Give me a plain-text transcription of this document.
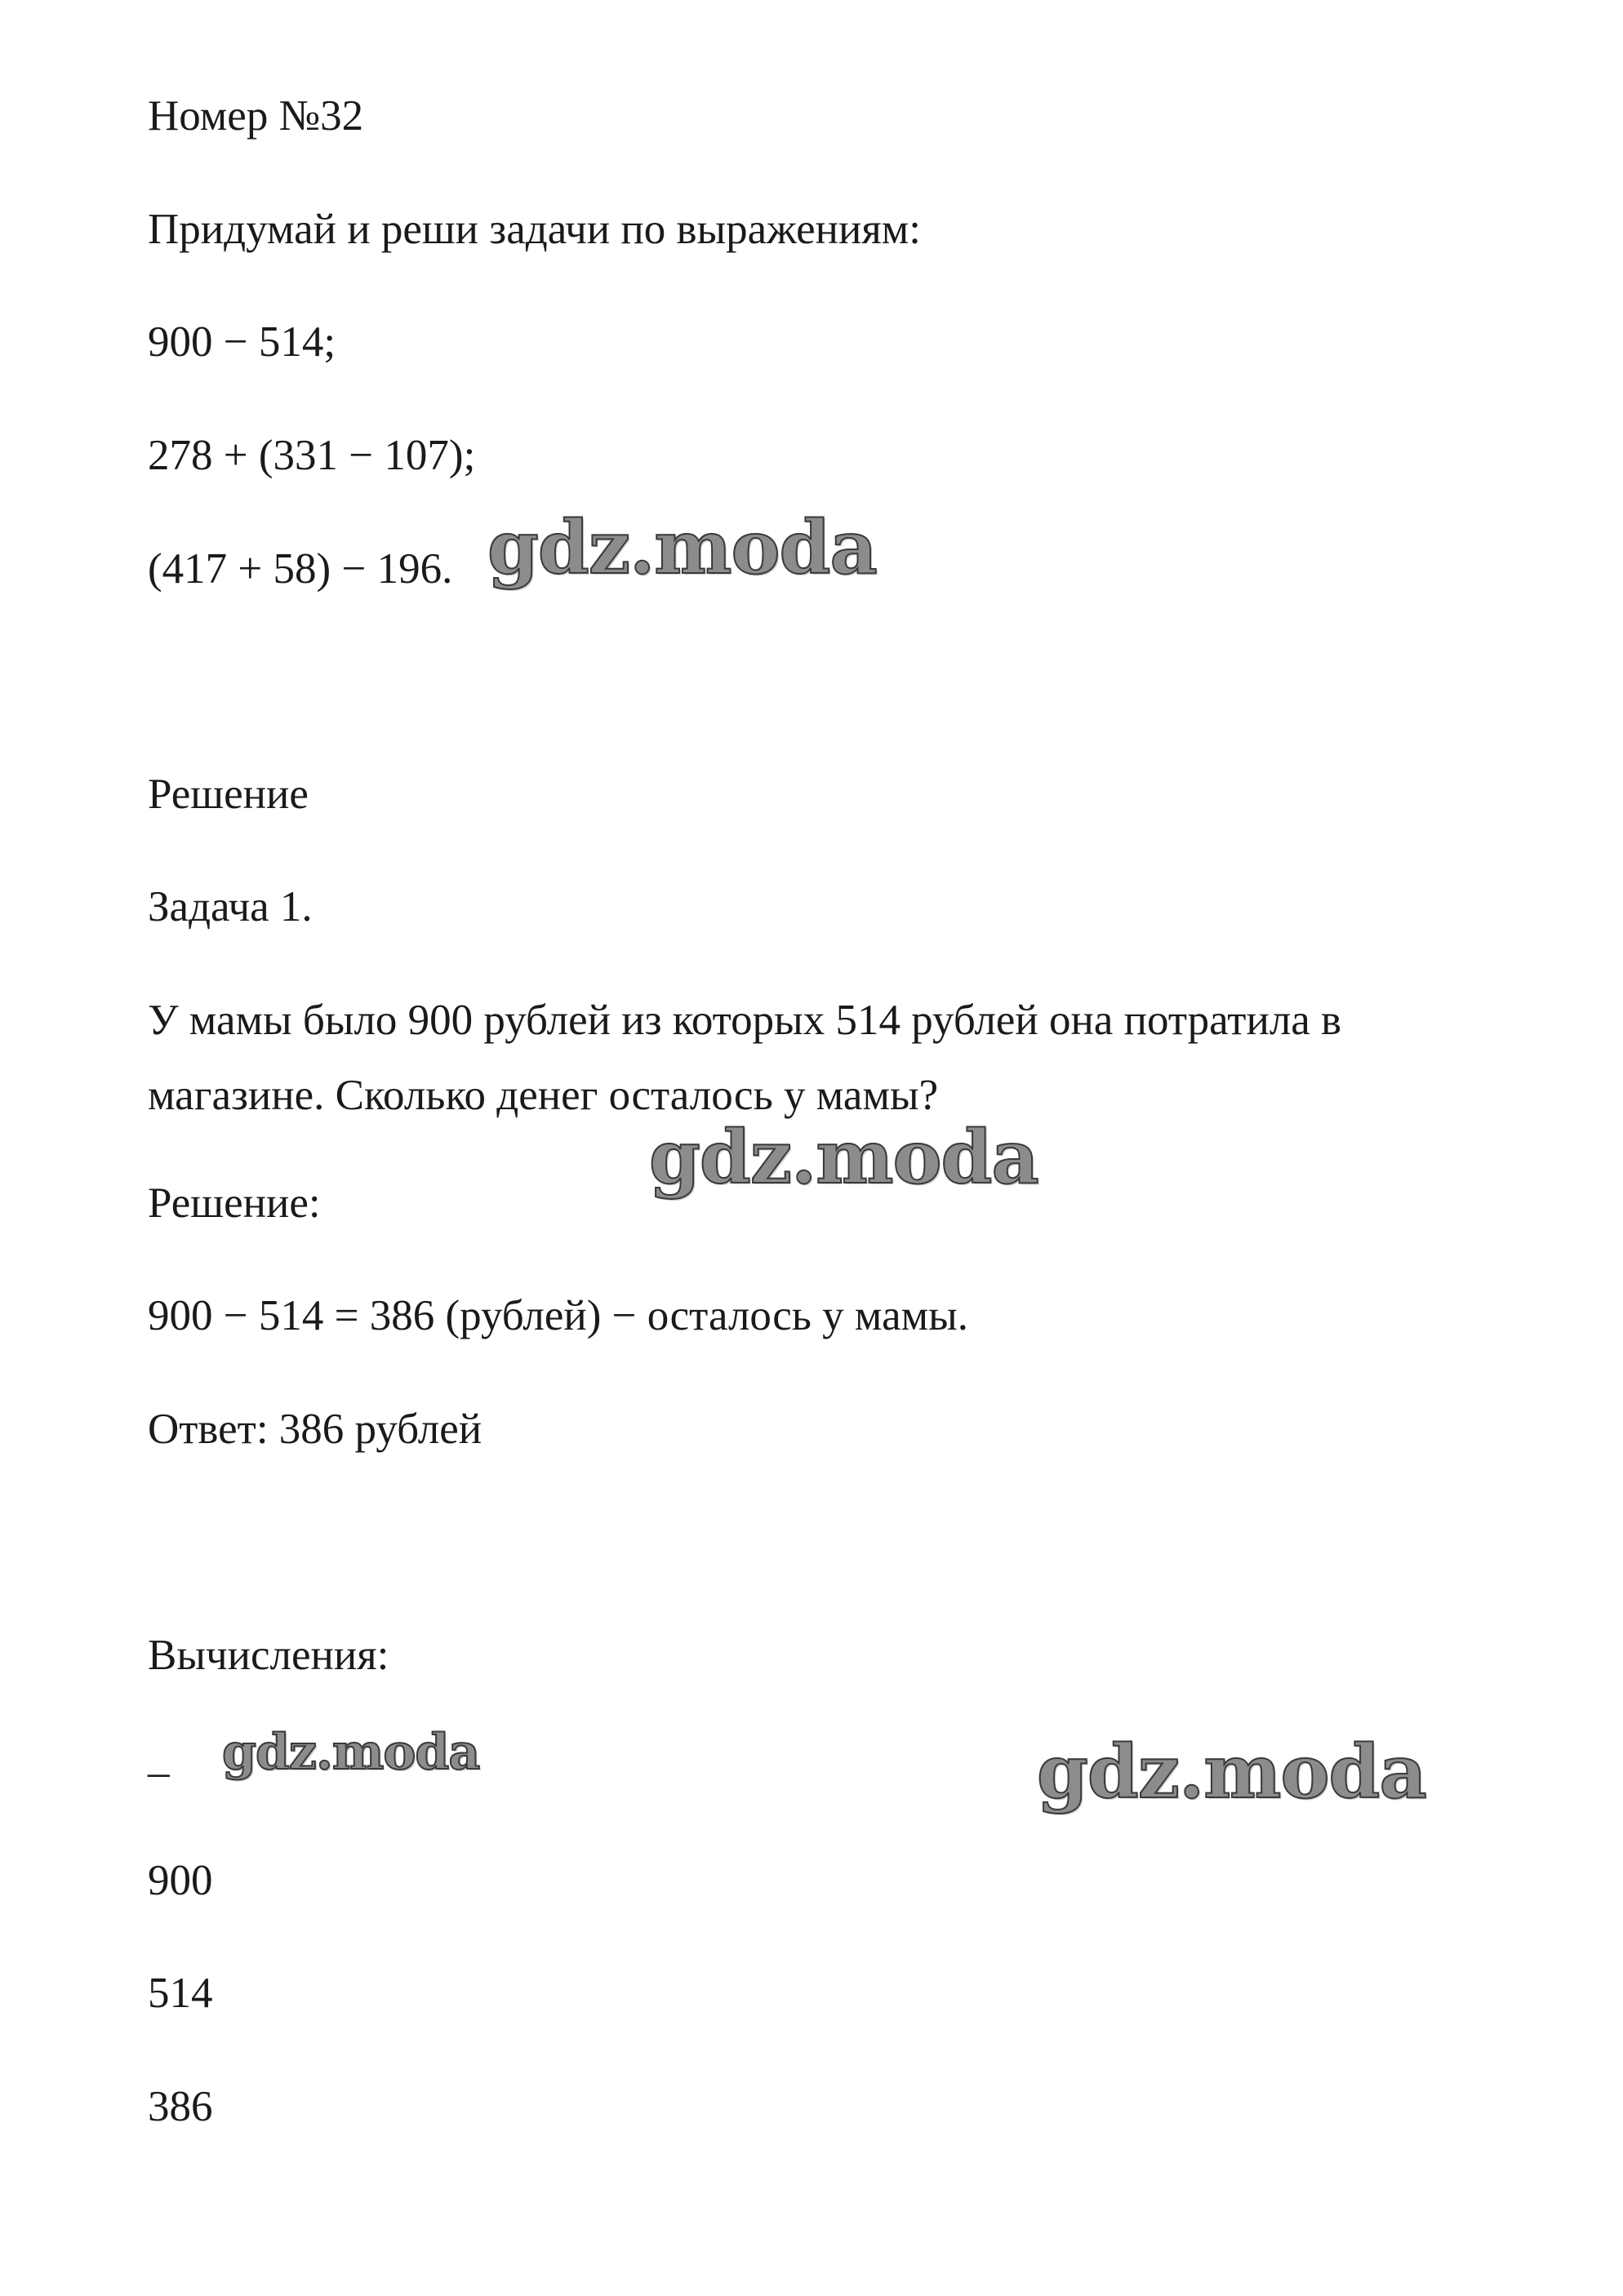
Номер №32

Придумай и реши задачи по выражениям:

900 − 514;

278 + (331 − 107);

(417 + 58) − 196.

Решение

Задача 1.

У мамы было 900 рублей из которых 514 рублей она потратила в магазине. Сколько денег осталось у мамы?

Решение:

900 − 514 = 386 (рублей) − осталось у мамы.

Ответ: 386 рублей

Вычисления:

_

900

514

386

gdz.moda
gdz.moda
gdz.moda	gdz.moda
